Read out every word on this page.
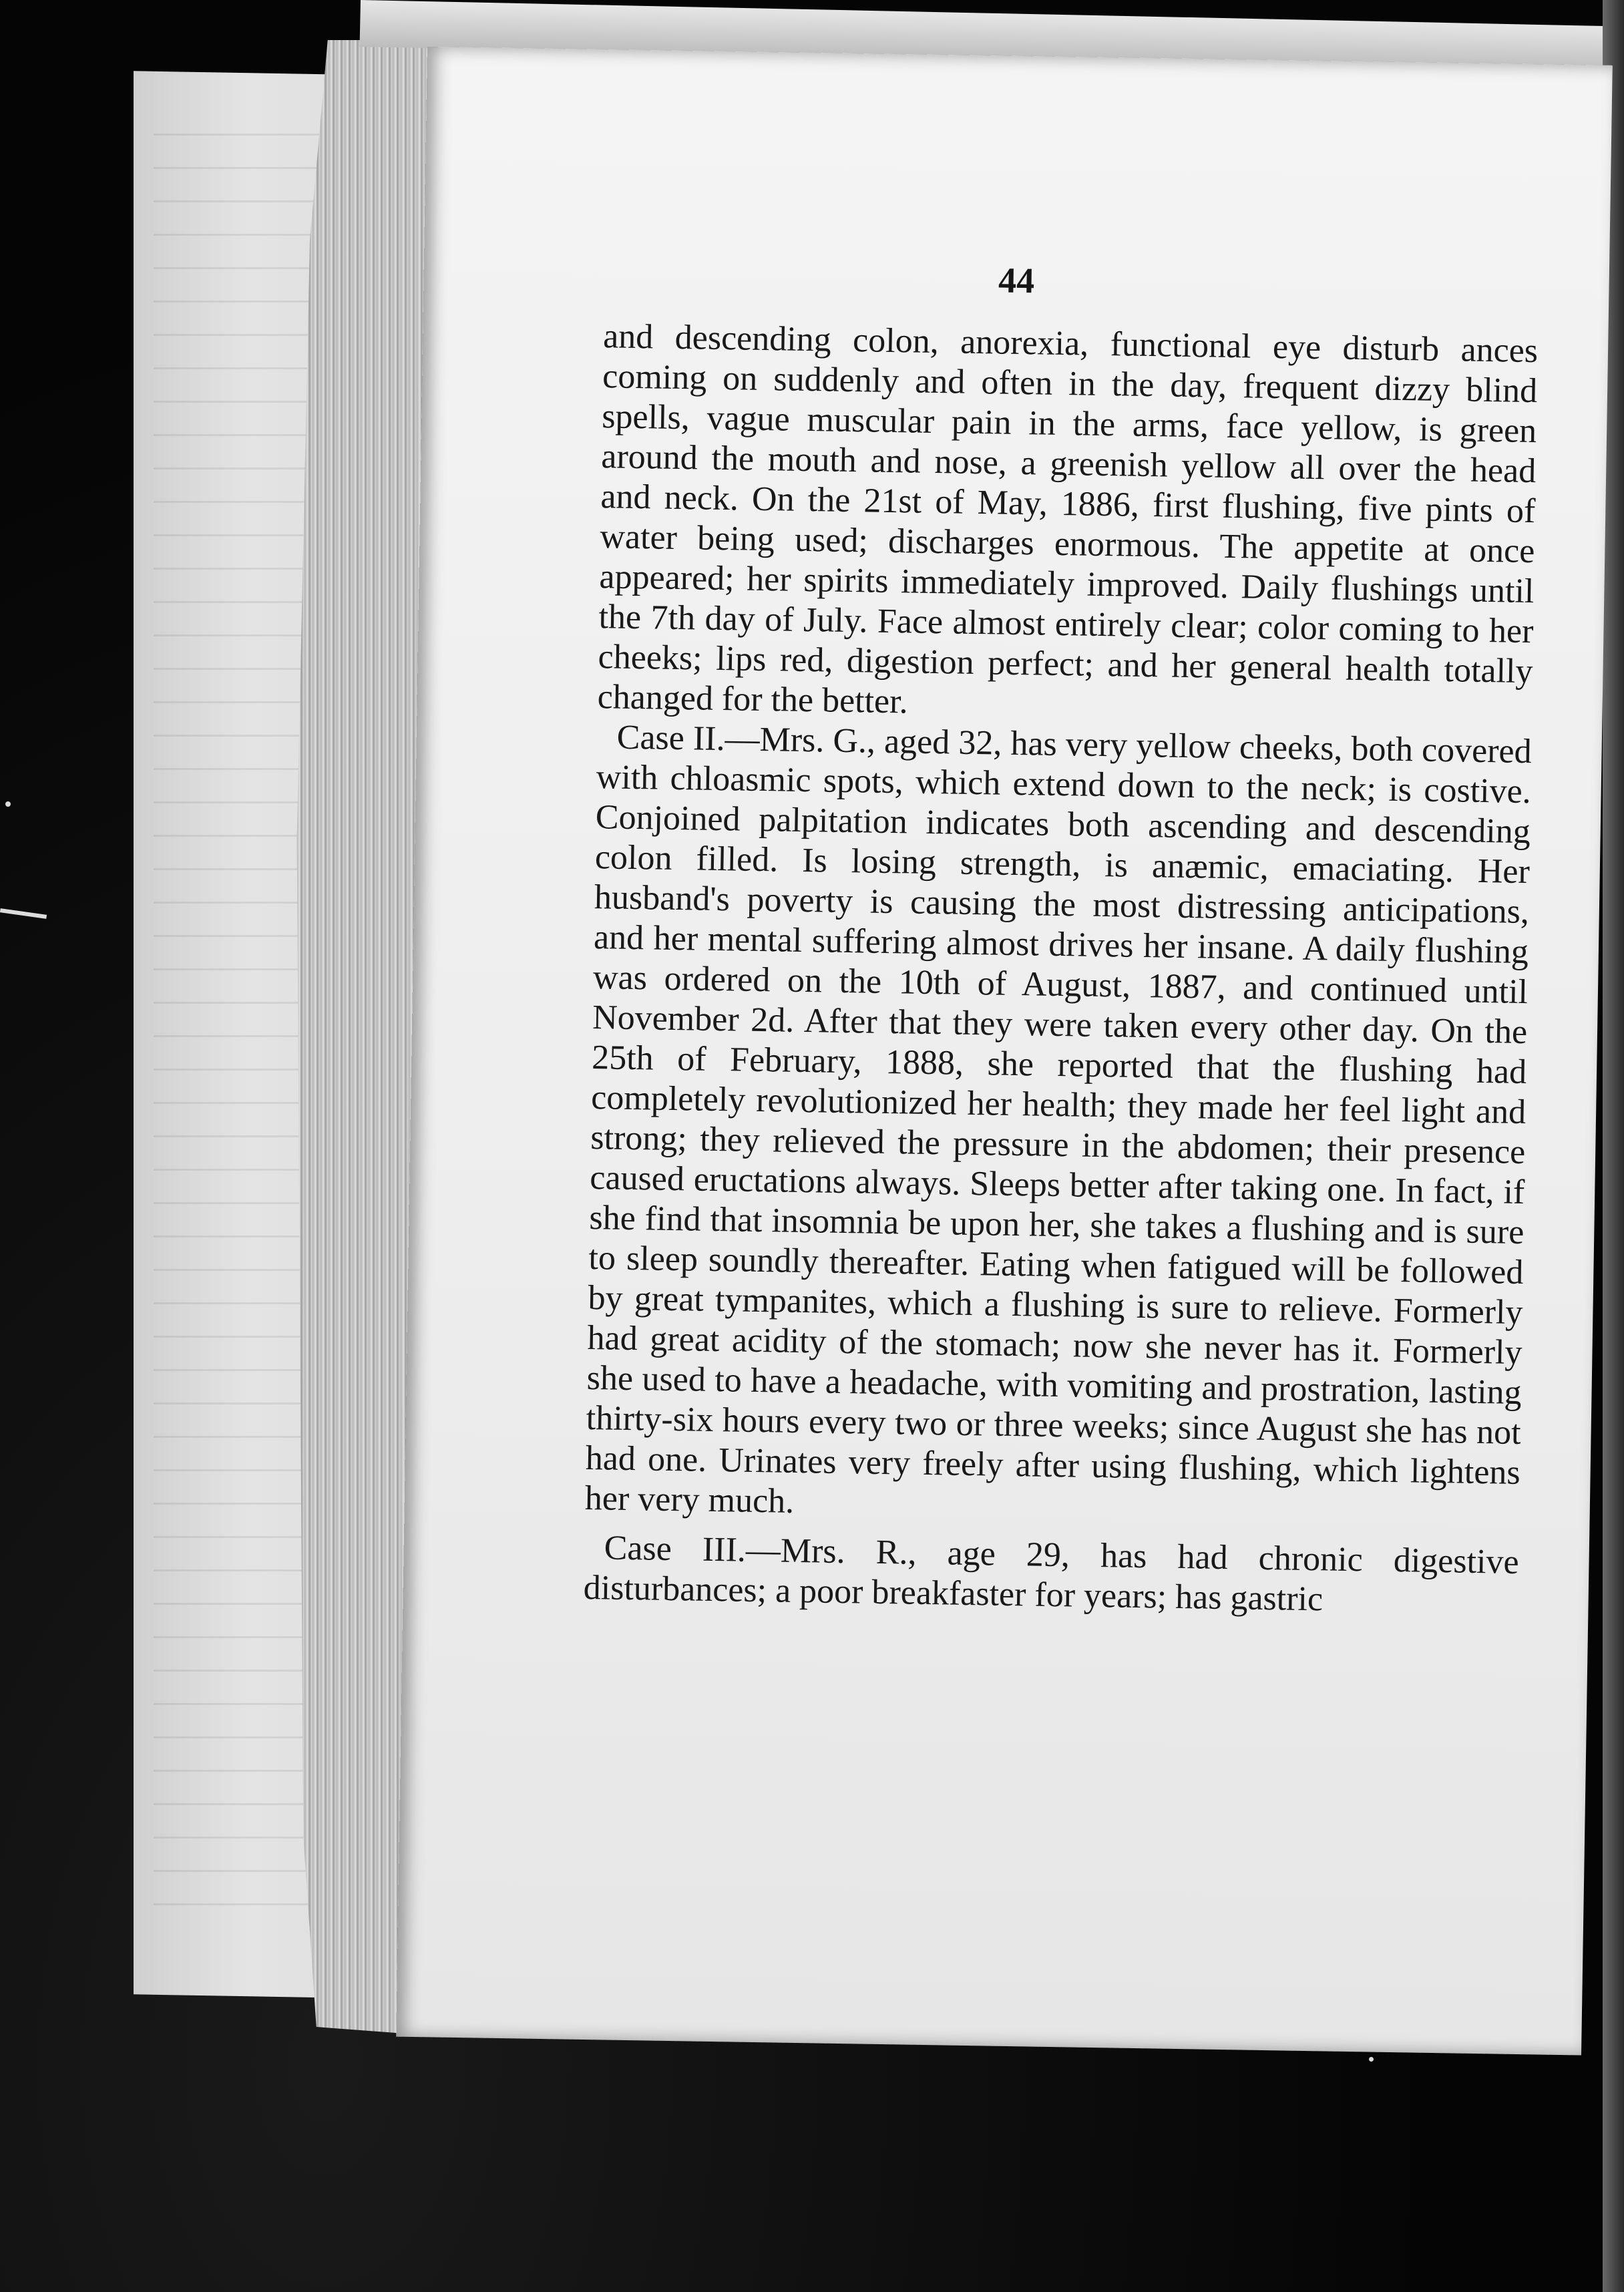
44

and descending colon, anorexia, functional eye disturb ances coming on suddenly and often in the day, frequent dizzy blind spells, vague muscular pain in the arms, face yellow, is green around the mouth and nose, a greenish yellow all over the head and neck. On the 21st of May, 1886, first flushing, five pints of water being used; discharges enormous. The appetite at once appeared; her spirits immediately improved. Daily flushings until the 7th day of July. Face almost entirely clear; color coming to her cheeks; lips red, digestion perfect; and her general health totally changed for the better.

Case II.—Mrs. G., aged 32, has very yellow cheeks, both covered with chloasmic spots, which extend down to the neck; is costive. Conjoined palpitation indicates both ascending and descending colon filled. Is losing strength, is anæmic, emaciating. Her husband's poverty is causing the most distressing anticipations, and her mental suffering almost drives her insane. A daily flushing was ordered on the 10th of August, 1887, and continued until November 2d. After that they were taken every other day. On the 25th of February, 1888, she reported that the flushing had completely revolutionized her health; they made her feel light and strong; they relieved the pressure in the abdomen; their presence caused eructations always. Sleeps better after taking one. In fact, if she find that insomnia be upon her, she takes a flushing and is sure to sleep soundly thereafter. Eating when fatigued will be followed by great tympanites, which a flushing is sure to relieve. Formerly had great acidity of the stomach; now she never has it. Formerly she used to have a headache, with vomiting and prostration, lasting thirty-six hours every two or three weeks; since August she has not had one. Urinates very freely after using flushing, which lightens her very much.

Case III.—Mrs. R., age 29, has had chronic digestive disturbances; a poor breakfaster for years; has gastric
